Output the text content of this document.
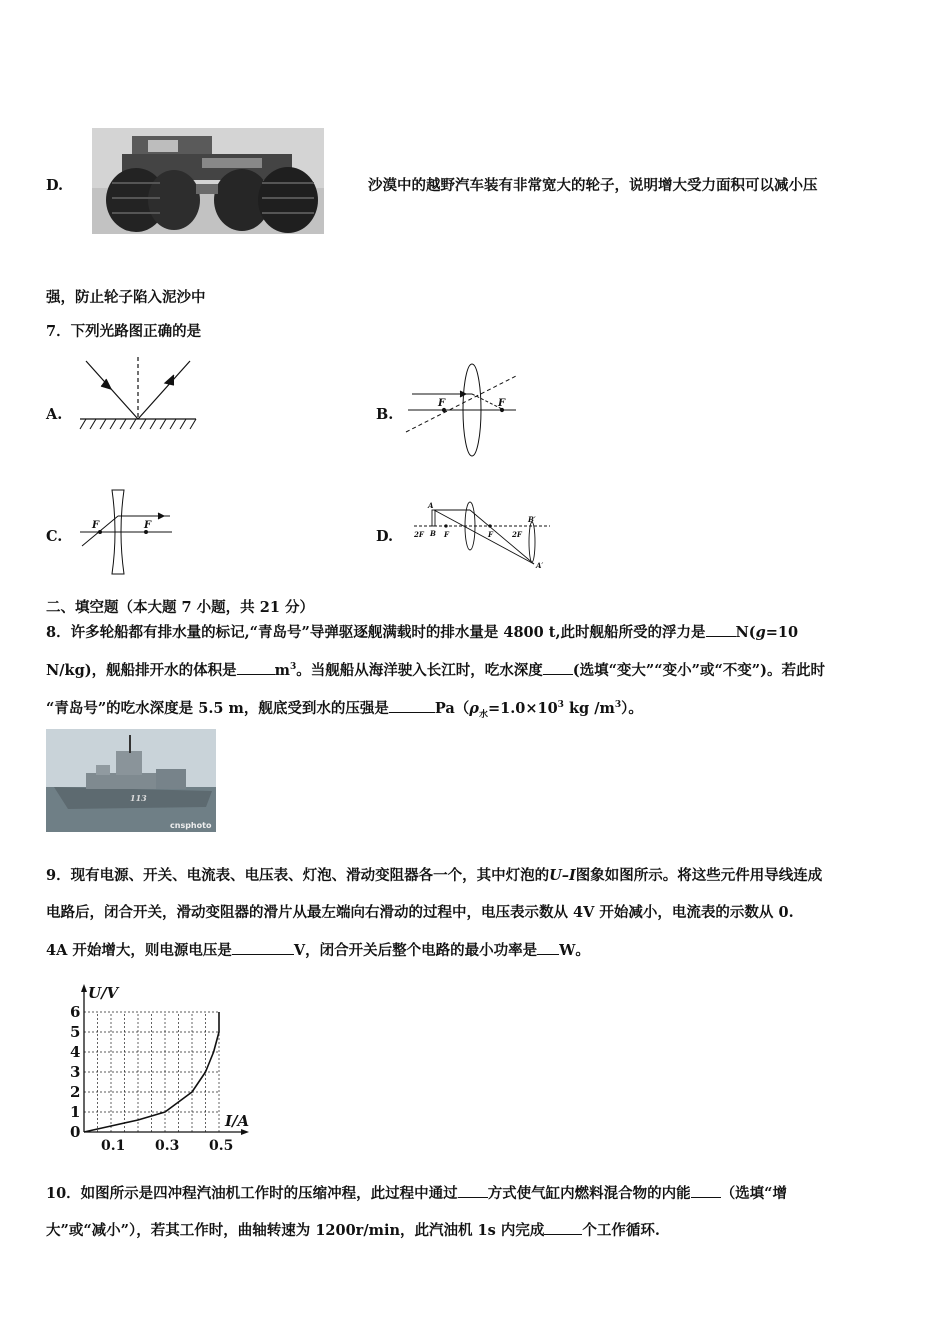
D.	沙漠中的越野汽车装有非常宽大的轮子，说明增大受力面积可以减小压
强，防止轮子陷入泥沙中
7．下列光路图正确的是
A.	B.
F	F
C.
F	F
D.
A
B
2F	F	F	2F
B′
A′
二、填空题（本大题 7 小题，共 21 分）
8．许多轮船都有排水量的标记,“青岛号”导弹驱逐舰满载时的排水量是 4800 t,此时舰船所受的浮力是 N(g=10
N/kg)，舰船排开水的体积是	$m^3$。当舰船从海洋驶入长江时，吃水深度 (选填“变大”“变小”或“不变”)。若此时
“青岛号”的吃水深度是 5.5 m，舰底受到水的压强是	$Pa(\rho_水=1.0\times 10^3$ kg $/m^3$）。
113
cnsphoto
9．现有电源、开关、电流表、电压表、灯泡、滑动变阻器各一个，其中灯泡的U–I图象如图所示。将这些元件用导线连成
电路后，闭合开关，滑动变阻器的滑片从最左端向右滑动的过程中，电压表示数从 4V 开始减小，电流表的示数从 0.
4A 开始增大，则电源电压是	V，闭合开关后整个电路的最小功率是 W。
1
2
3
4
5
6
0
0.1 0.3 0.5
U/V
I/A
10．如图所示是四冲程汽油机工作时的压缩冲程，此过程中通过 方式使气缸内燃料混合物的内能 （选填“增
大”或“减小”），若其工作时，曲轴转速为 1200r/min，此汽油机 1s 内完成	个工作循环.
